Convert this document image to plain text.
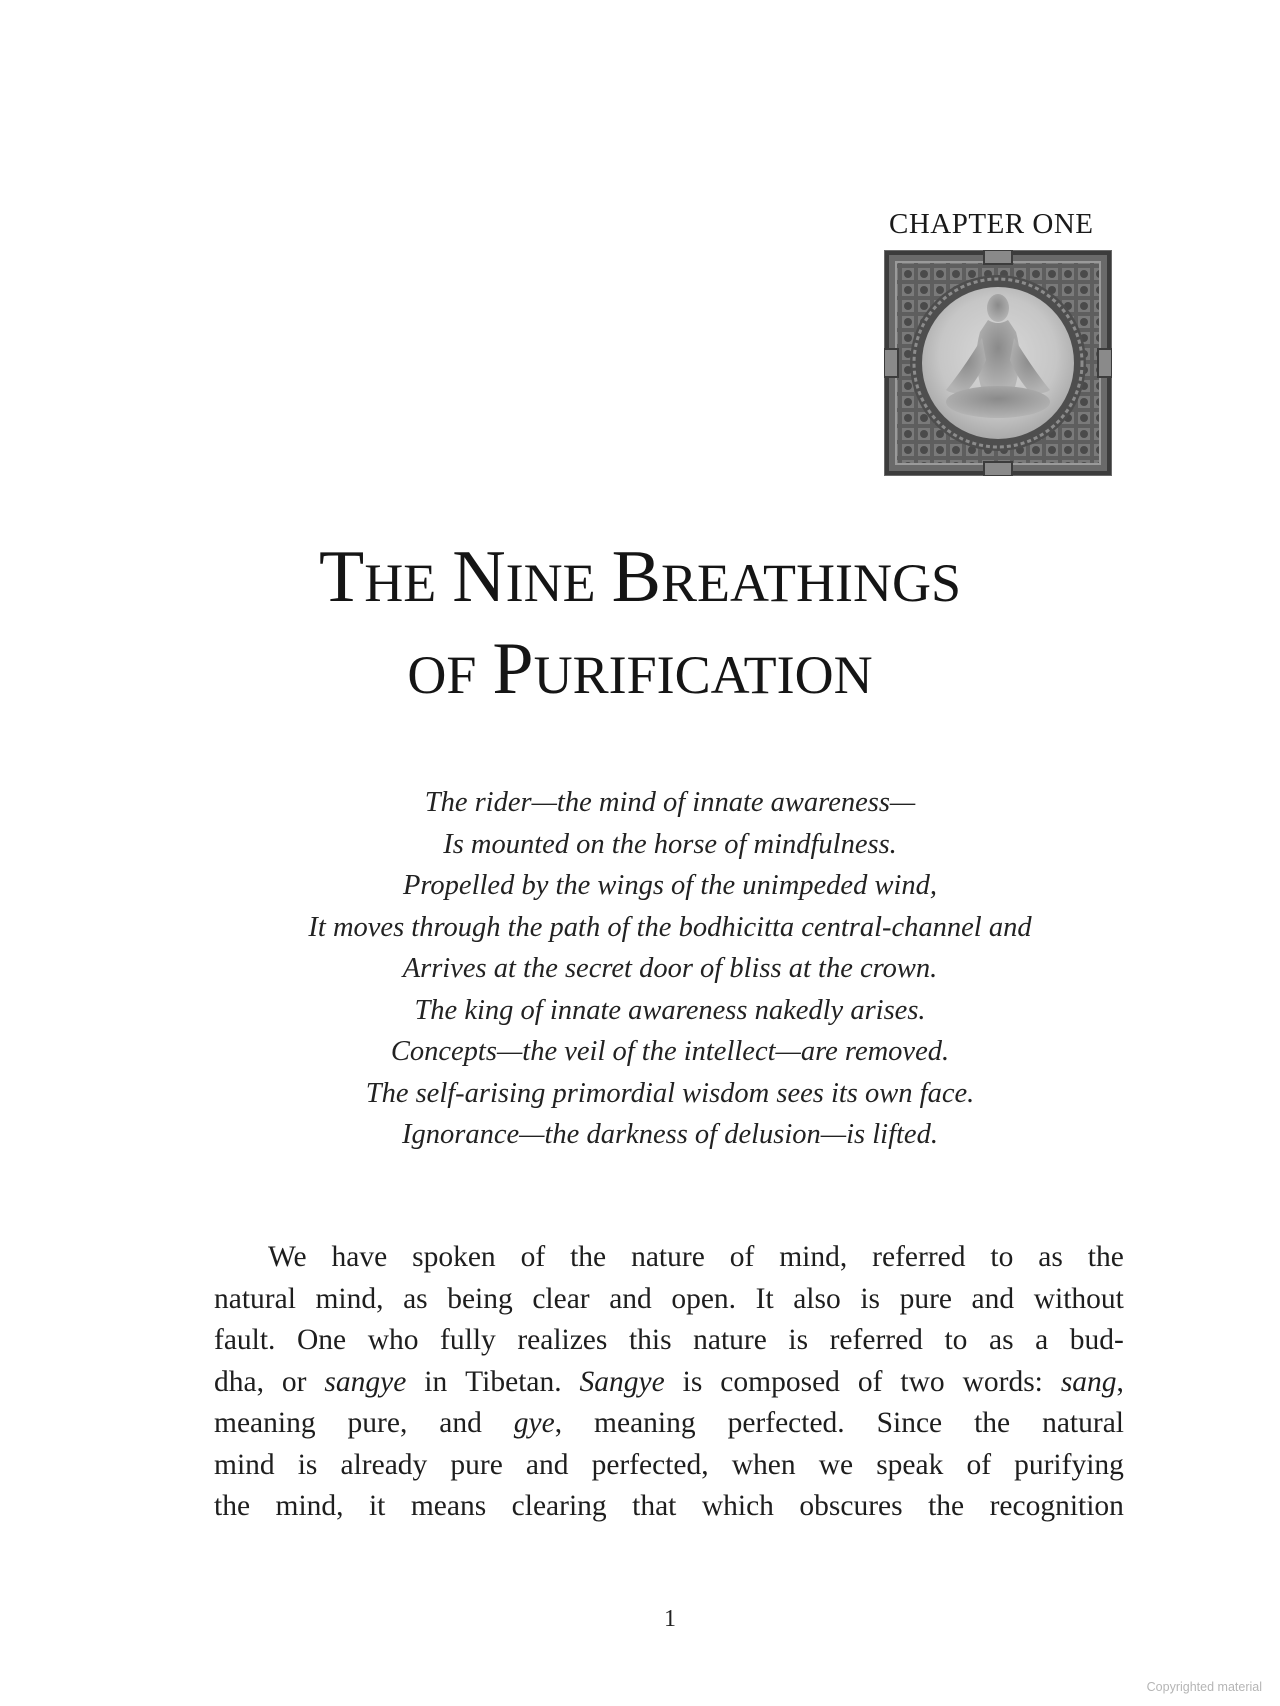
CHAPTER ONE
THE NINE BREATHINGS
OF PURIFICATION
The rider—the mind of innate awareness—
Is mounted on the horse of mindfulness.
Propelled by the wings of the unimpeded wind,
It moves through the path of the bodhicitta central-channel and
Arrives at the secret door of bliss at the crown.
The king of innate awareness nakedly arises.
Concepts—the veil of the intellect—are removed.
The self-arising primordial wisdom sees its own face.
Ignorance—the darkness of delusion—is lifted.
We have spoken of the nature of mind, referred to as the
natural mind, as being clear and open. It also is pure and without
fault. One who fully realizes this nature is referred to as a bud-
dha, or sangye in Tibetan. Sangye is composed of two words: sang,
meaning pure, and gye, meaning perfected. Since the natural
mind is already pure and perfected, when we speak of purifying
the mind, it means clearing that which obscures the recognition
1
Copyrighted material
